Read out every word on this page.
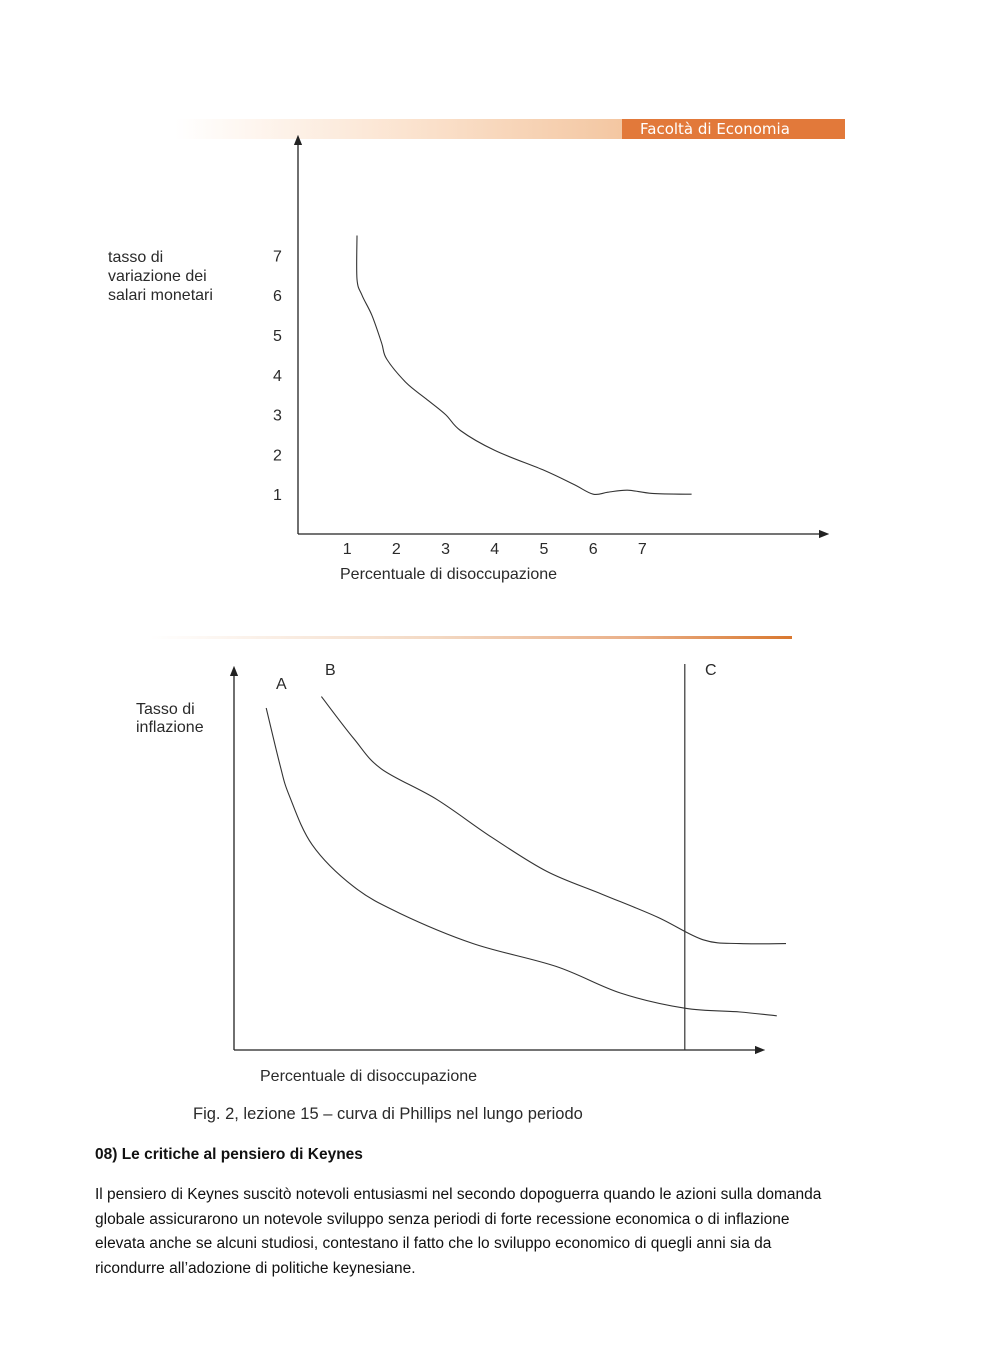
Facoltà di Economia
1	2	3	4	5	6	7
1
2
3
4
5
6
7
tasso di
variazione dei
salari monetari
Percentuale di disoccupazione
Tasso di
inflazione
Percentuale di disoccupazione
A
B	C
Fig. 2, lezione 15 – curva di Phillips nel lungo periodo
08) Le critiche al pensiero di Keynes
Il pensiero di Keynes suscitò notevoli entusiasmi nel secondo dopoguerra quando le azioni sulla domanda
globale assicurarono un notevole sviluppo senza periodi di forte recessione economica o di inflazione
elevata anche se alcuni studiosi, contestano il fatto che lo sviluppo economico di quegli anni sia da
ricondurre all’adozione di politiche keynesiane.
